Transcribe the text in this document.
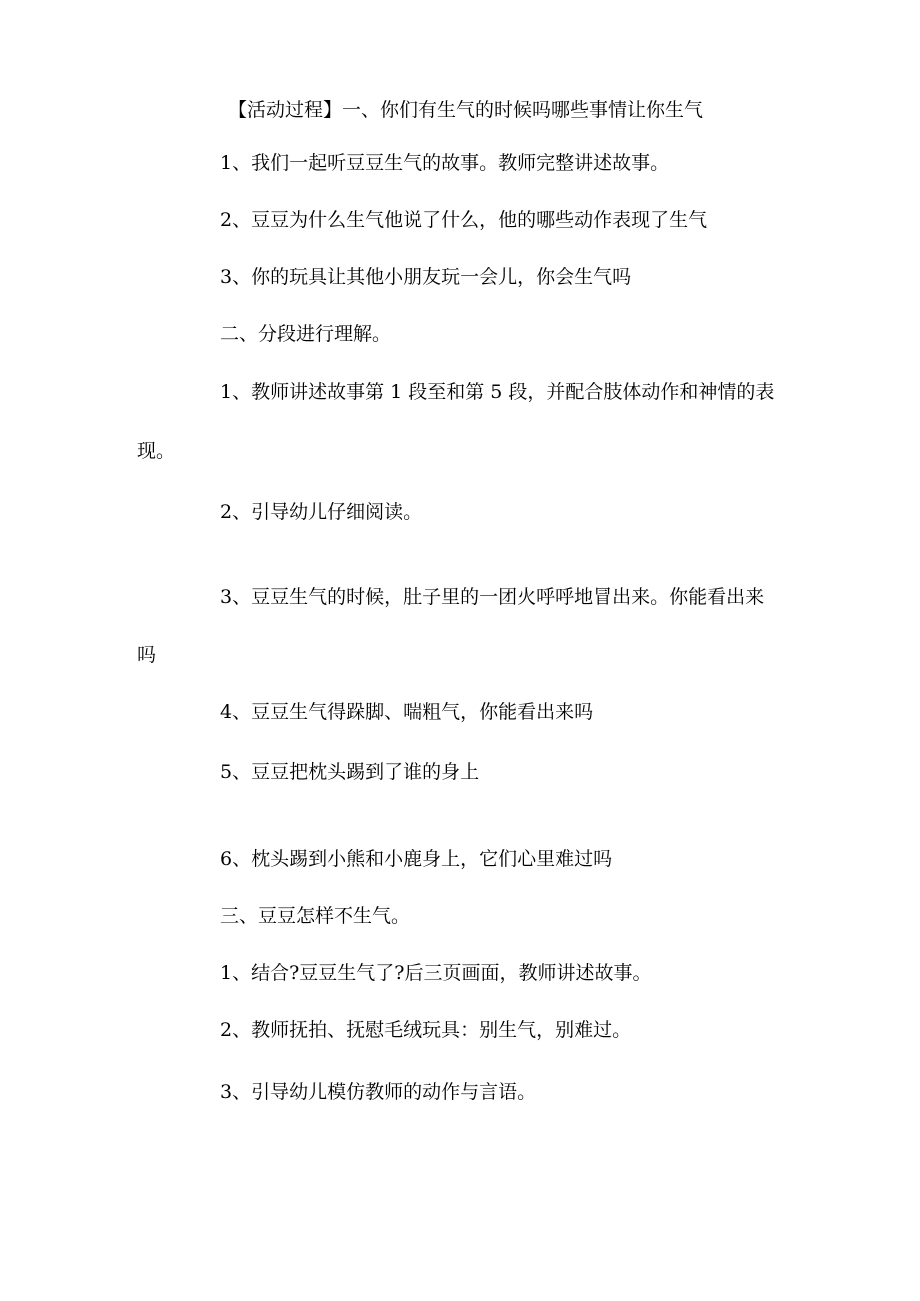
【活动过程】一、你们有生气的时候吗哪些事情让你生气

1、我们一起听豆豆生气的故事。教师完整讲述故事。

2、豆豆为什么生气他说了什么，他的哪些动作表现了生气

3、你的玩具让其他小朋友玩一会儿，你会生气吗

二、分段进行理解。

1、教师讲述故事第 1 段至和第 5 段，并配合肢体动作和神情的表

现。

2、引导幼儿仔细阅读。

3、豆豆生气的时候，肚子里的一团火呼呼地冒出来。你能看出来

吗

4、豆豆生气得跺脚、喘粗气，你能看出来吗

5、豆豆把枕头踢到了谁的身上

6、枕头踢到小熊和小鹿身上，它们心里难过吗

三、豆豆怎样不生气。

1、结合?豆豆生气了?后三页画面，教师讲述故事。

2、教师抚拍、抚慰毛绒玩具：别生气，别难过。

3、引导幼儿模仿教师的动作与言语。
